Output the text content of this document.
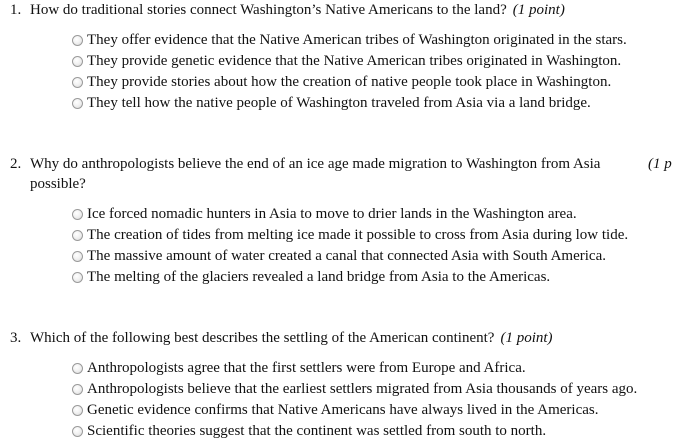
1. How do traditional stories connect Washington’s Native Americans to the land? (1 point)
They offer evidence that the Native American tribes of Washington originated in the stars.
They provide genetic evidence that the Native American tribes originated in Washington.
They provide stories about how the creation of native people took place in Washington.
They tell how the native people of Washington traveled from Asia via a land bridge.
2. Why do anthropologists believe the end of an ice age made migration to Washington from Asia	(1 p
possible?
Ice forced nomadic hunters in Asia to move to drier lands in the Washington area.
The creation of tides from melting ice made it possible to cross from Asia during low tide.
The massive amount of water created a canal that connected Asia with South America.
The melting of the glaciers revealed a land bridge from Asia to the Americas.
3. Which of the following best describes the settling of the American continent? (1 point)
Anthropologists agree that the first settlers were from Europe and Africa.
Anthropologists believe that the earliest settlers migrated from Asia thousands of years ago.
Genetic evidence confirms that Native Americans have always lived in the Americas.
Scientific theories suggest that the continent was settled from south to north.
